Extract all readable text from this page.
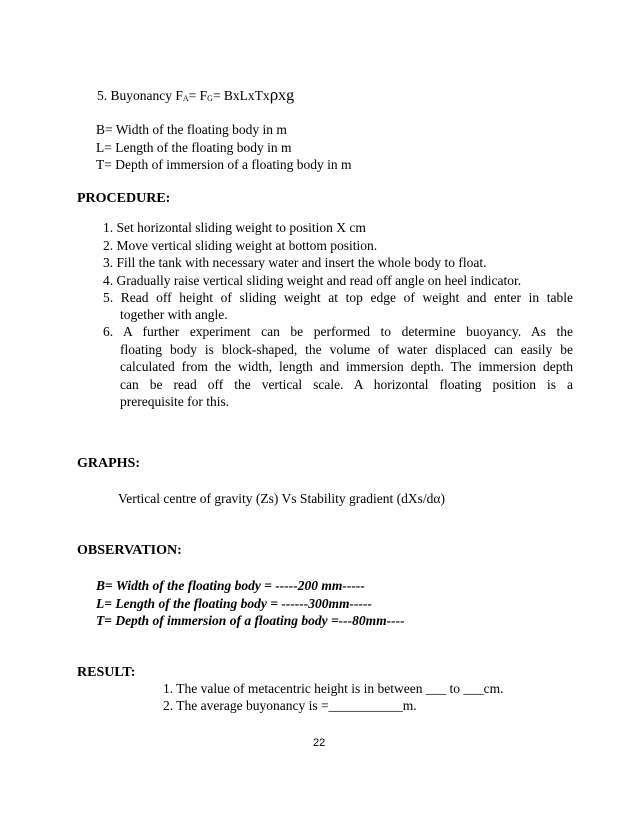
5. Buyonancy $F_A= F_G=$ BxLxTxρxg
B= Width of the floating body in m
L= Length of the floating body in m
T= Depth of immersion of a floating body in m
PROCEDURE:
1. Set horizontal sliding weight to position X cm
2. Move vertical sliding weight at bottom position.
3. Fill the tank with necessary water and insert the whole body to float.
4. Gradually raise vertical sliding weight and read off angle on heel indicator.
5. Read off height of sliding weight at top edge of weight and enter in table
together with angle.
6. A further experiment can be performed to determine buoyancy. As the
floating body is block-shaped, the volume of water displaced can easily be
calculated from the width, length and immersion depth. The immersion depth
can be read off the vertical scale. A horizontal floating position is a
prerequisite for this.
GRAPHS:
Vertical centre of gravity (Zs) Vs Stability gradient (dXs/dα)
OBSERVATION:
B= Width of the floating body = -----200 mm-----
L= Length of the floating body = ------300mm-----
T= Depth of immersion of a floating body =---80mm----
RESULT:
1. The value of metacentric height is in between ___ to ___cm.
2. The average buyonancy is =___________m.
22
